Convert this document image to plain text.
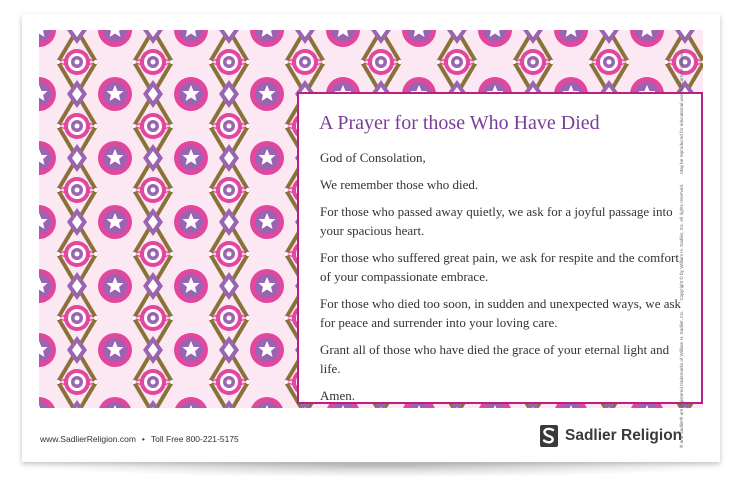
A Prayer for those Who Have Died

God of Consolation,

We remember those who died.

For those who passed away quietly, we ask for a joyful passage into your spacious heart.

For those who suffered great pain, we ask for respite and the comfort of your compassionate embrace.

For those who died too soon, in sudden and unexpected ways, we ask for peace and surrender into your loving care.

Grant all of those who have died the grace of your eternal light and life.

Amen.

www.SadlierReligion.com • Toll Free 800-221-5175	Sadlier Religion
® and Sadlier® are registered trademarks of William H. Sadlier, Inc.Copyright © by William H. Sadlier, Inc. All rights reserved.May be reproduced for educational use (not commercial use).
